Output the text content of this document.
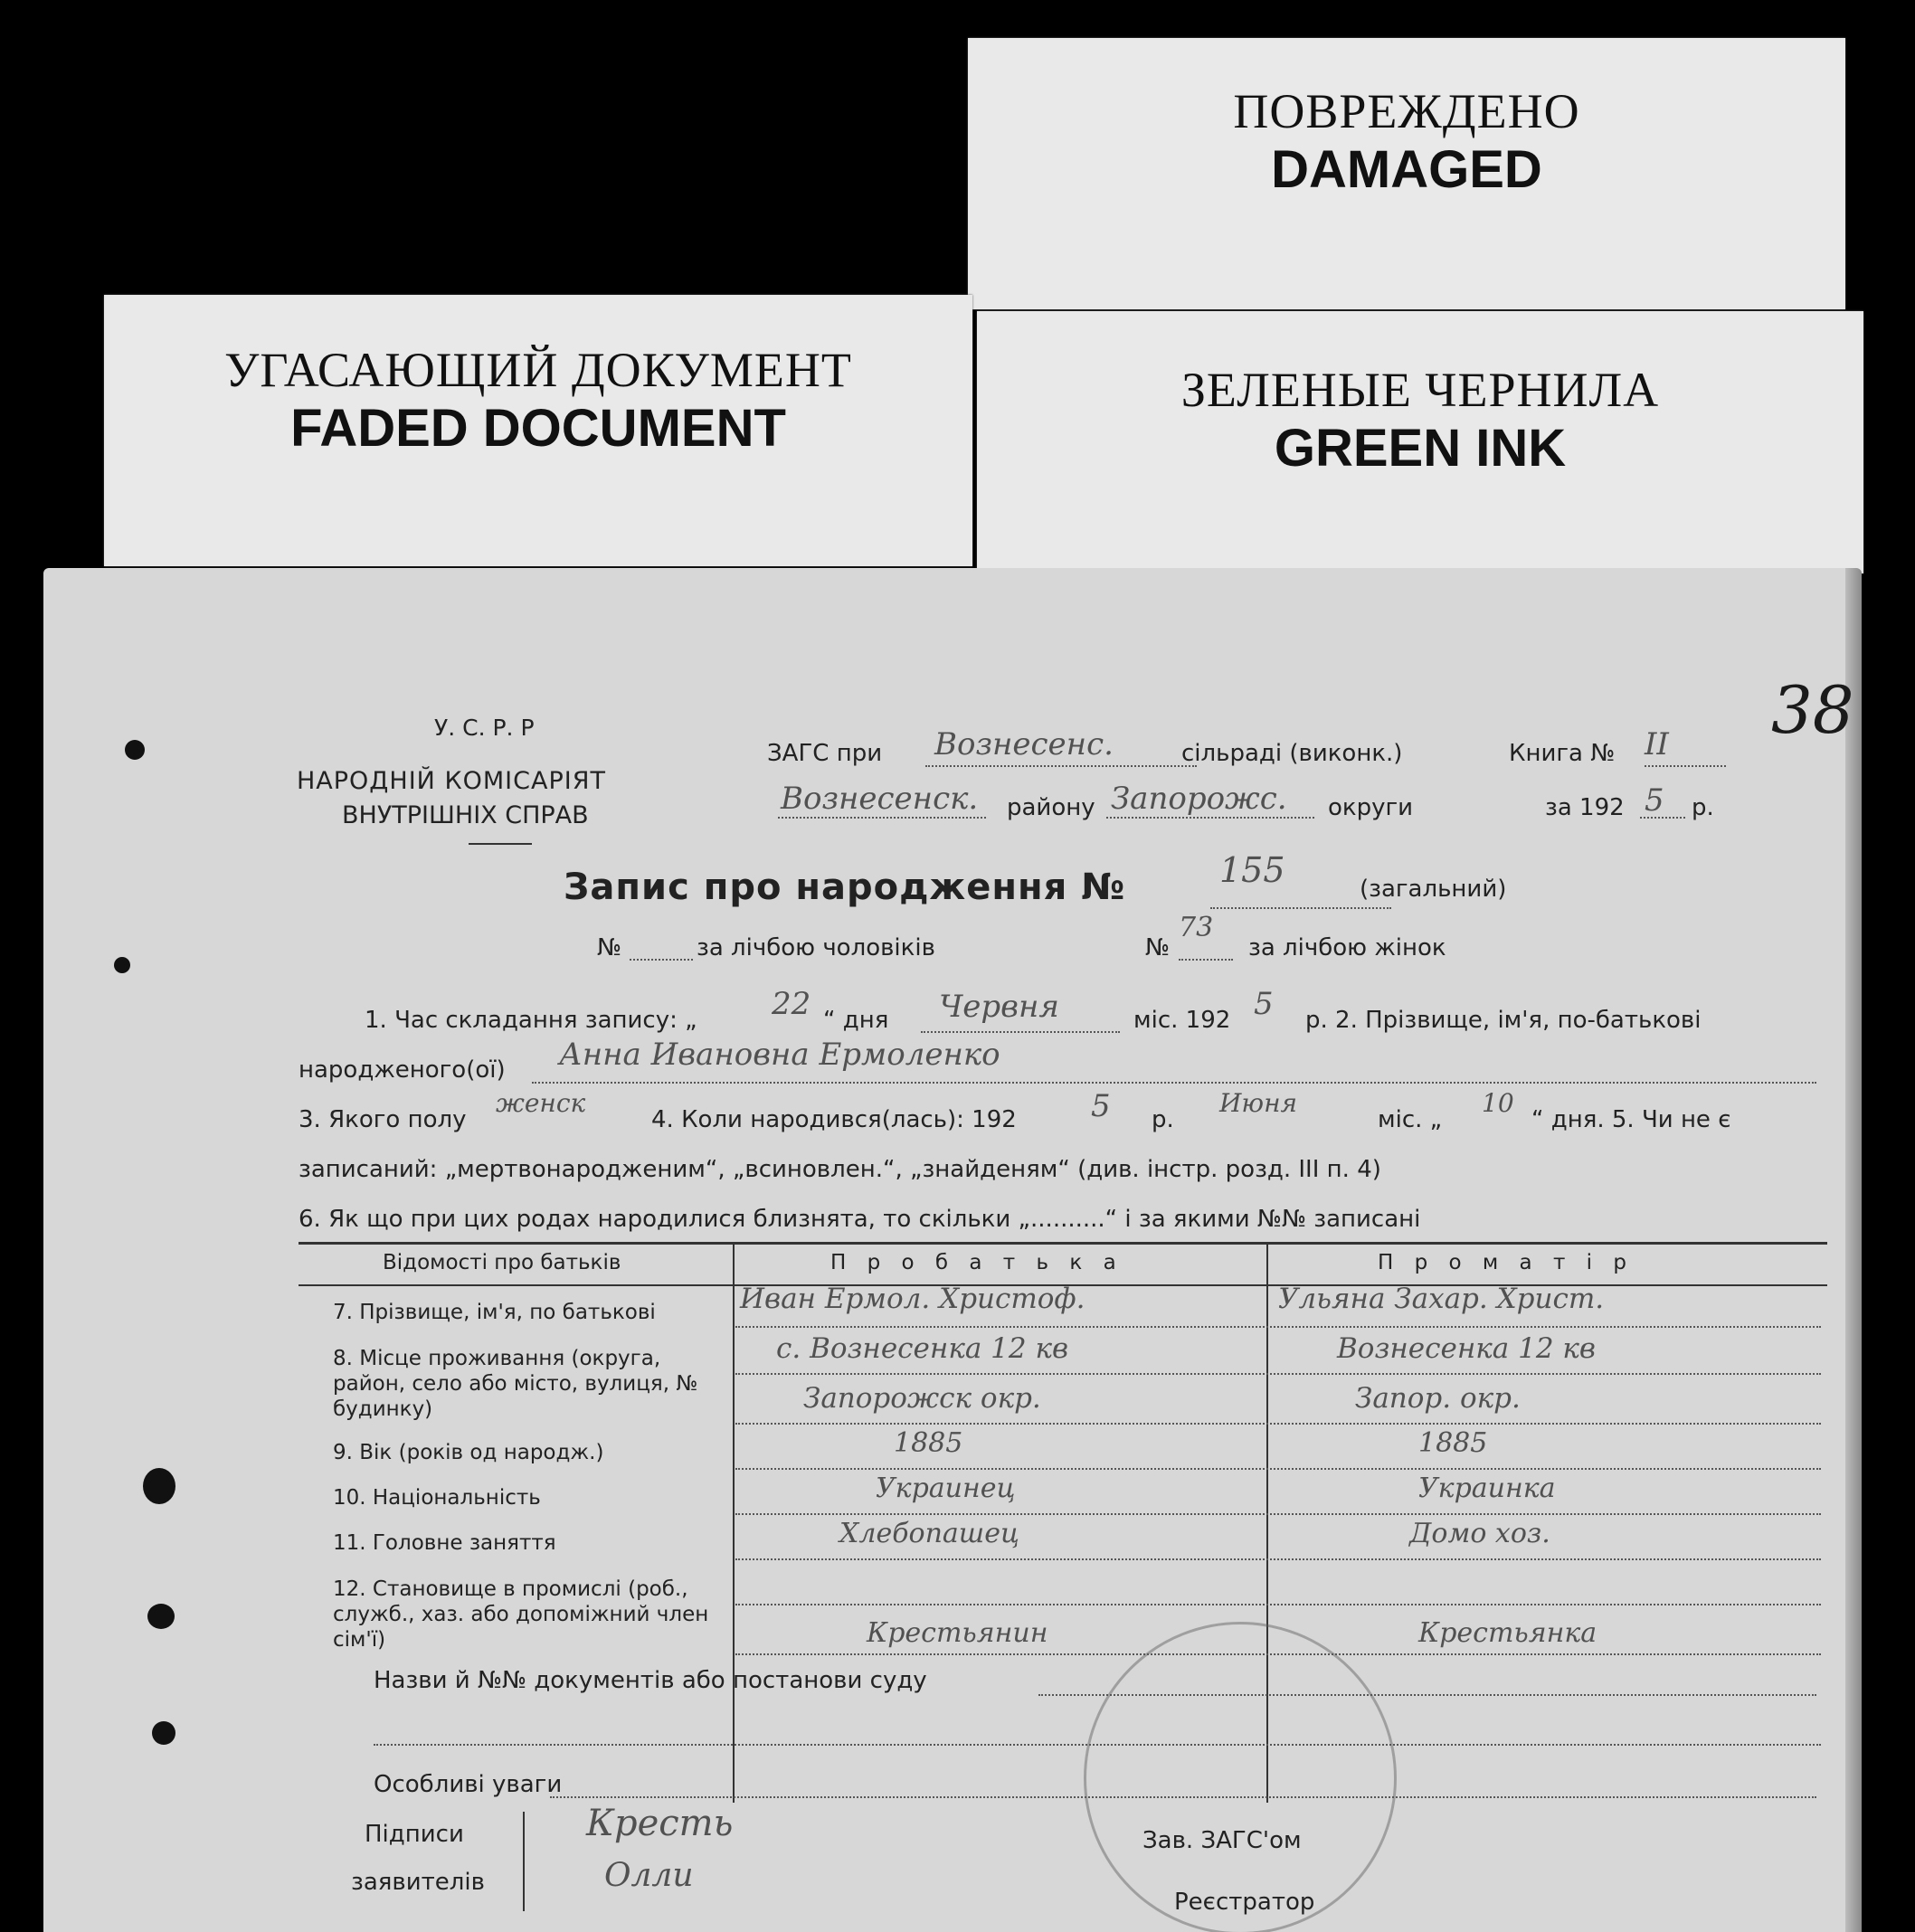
ПОВРЕЖДЕНО
DAMAGED
УГАСАЮЩИЙ ДОКУМЕНТ
FADED DOCUMENT
ЗЕЛЕНЫЕ ЧЕРНИЛА
GREEN INK
38
У. С. Р. Р
НАРОДНІЙ КОМІСАРІЯТ
ВНУТРІШНІХ СПРАВ
ЗАГС при Вознесенс.	сільраді (виконк.)	Книга № II
Вознесенск. району Запорожс. округи	за 192 5 р.
Запис про народження №	155	(загальний)
№	за лічбою чоловіків	№
73
за лічбою жінок
1. Час складання запису: „ 22 “ дня Червня	міс. 192 5 р. 2. Прізвище, ім'я, по-батькові
народженого(ої) Анна Ивановна Ермоленко
3. Якого полу
женск
4. Коли народився(лась): 192 5 р.
Июня
міс. „
10
“ дня. 5. Чи не є
записаний: „мертвонародженим“, „всиновлен.“, „знайденям“ (див. інстр. розд. III п. 4)
6. Як що при цих родах народилися близнята, то скільки „..........“ і за якими №№ записані
Відомості про батьків	П р о б а т ь к а	П р о м а т і р
7. Прізвище, ім'я, по батькові	Иван Ермол. Христоф.	Ульяна Захар. Христ.
8. Місце проживання (округа, район, село або місто, вулиця, № будинку)
с. Вознесенка 12 кв	Вознесенка 12 кв
Запорожск окр.	Запор. окр.
9. Вік (років од народж.)	1885	1885
10. Національність	Украинец	Украинка
11. Головне заняття	Хлебопашец	Домо хоз.
12. Становище в промислі (роб., служб., хаз. або допоміжний член сім'ї)	Крестьянин	Крестьянка
Назви й №№ документів або постанови суду
Особливі уваги
Підписи	Кресть	Зав. ЗАГС'ом
заявителів	Олли
Реєстратор
